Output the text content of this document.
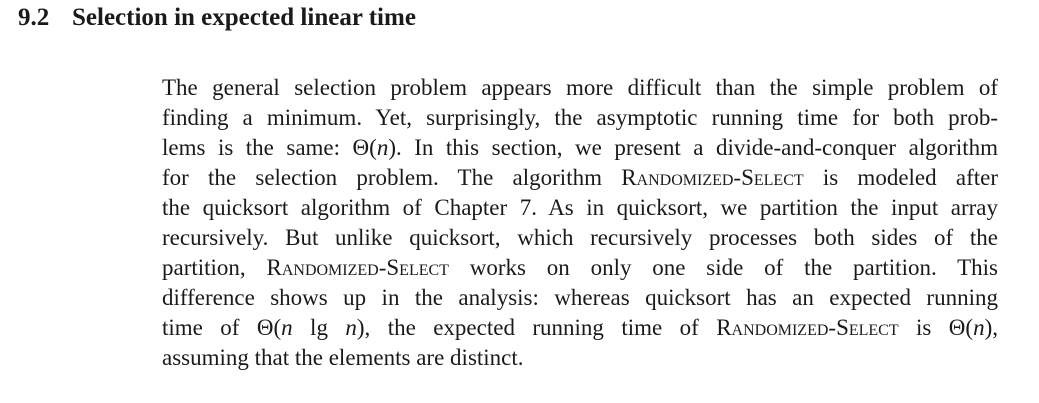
9.2 Selection in expected linear time
The general selection problem appears more difficult than the simple problem of
finding a minimum. Yet, surprisingly, the asymptotic running time for both prob-
lems is the same: Θ(n). In this section, we present a divide-and-conquer algorithm
for the selection problem. The algorithm Randomized-Select is modeled after
the quicksort algorithm of Chapter 7. As in quicksort, we partition the input array
recursively. But unlike quicksort, which recursively processes both sides of the
partition, Randomized-Select works on only one side of the partition. This
difference shows up in the analysis: whereas quicksort has an expected running
time of Θ(n lg n), the expected running time of Randomized-Select is Θ(n),
assuming that the elements are distinct.
